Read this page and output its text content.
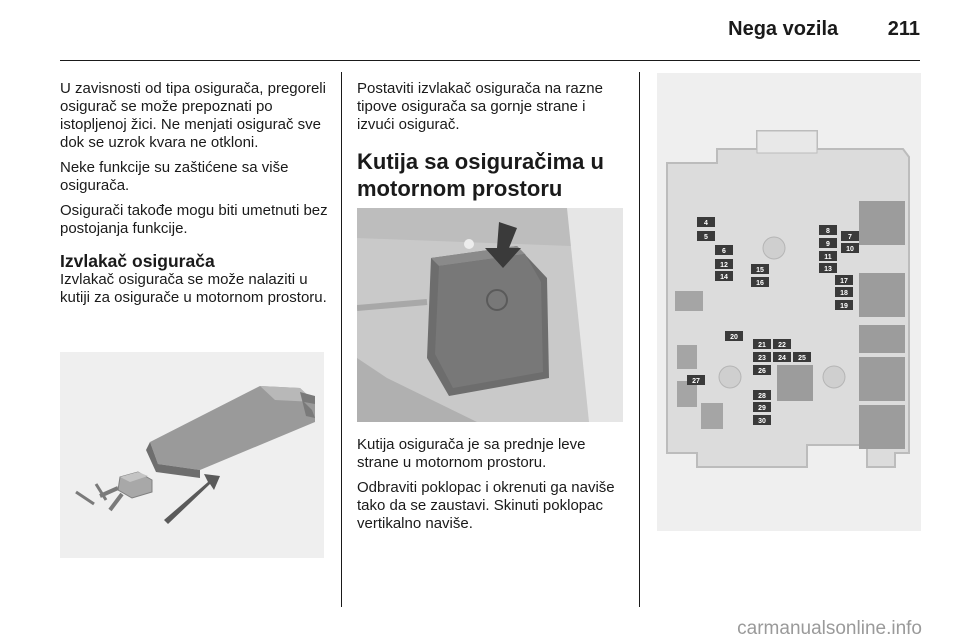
Nega vozila 211

U zavisnosti od tipa osigurača, pregoreli osigurač se može prepoznati po istopljenoj žici. Ne menjati osigurač sve dok se uzrok kvara ne otkloni.

Neke funkcije su zaštićene sa više osigurača.

Osigurači takođe mogu biti umetnuti bez postojanja funkcije.

Izvlakač osigurača

Izvlakač osigurača se može nalaziti u kutiji za osigurače u motornom prostoru.

Postaviti izvlakač osigurača na razne tipove osigurača sa gornje strane i izvući osigurač.

Kutija sa osiguračima u motornom prostoru

Kutija osigurača je sa prednje leve strane u motornom prostoru.

Odbraviti poklopac i okrenuti ga naviše tako da se zaustavi. Skinuti poklopac vertikalno naviše.

4
5
6
7
8
9
10
11
12
13
14
15
16	17
18
19
20
21 22
23 24 25
26
27
28
29
30
carmanualsonline.info
